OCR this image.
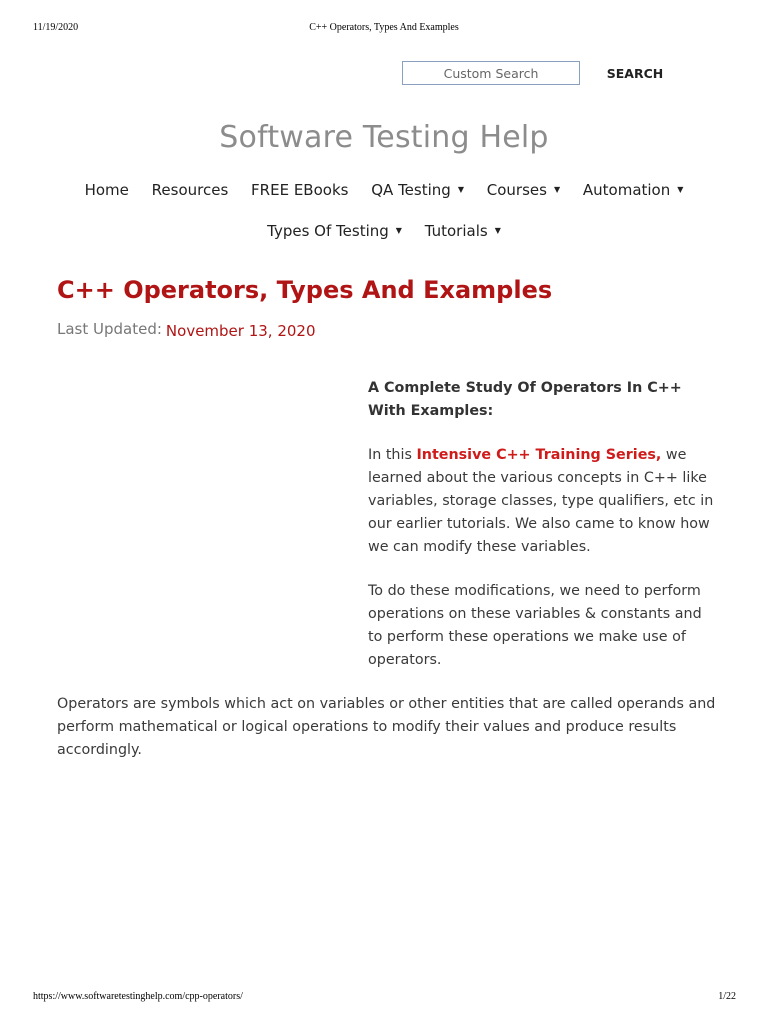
11/19/2020	C++ Operators, Types And Examples
Custom Search
SEARCH
Software Testing Help
Home Resources FREE EBooks QA Testing ▼ Courses ▼ Automation ▼
Types Of Testing ▼ Tutorials ▼
C++ Operators, Types And Examples
Last Updated: November 13, 2020

A Complete Study Of Operators In C++ With Examples:

In this Intensive C++ Training Series, we learned about the various concepts in C++ like variables, storage classes, type qualifiers, etc in our earlier tutorials. We also came to know how we can modify these variables.

To do these modifications, we need to perform operations on these variables & constants and to perform these operations we make use of operators.

Operators are symbols which act on variables or other entities that are called operands and perform mathematical or logical operations to modify their values and produce results accordingly.

https://www.softwaretestinghelp.com/cpp-operators/	1/22
